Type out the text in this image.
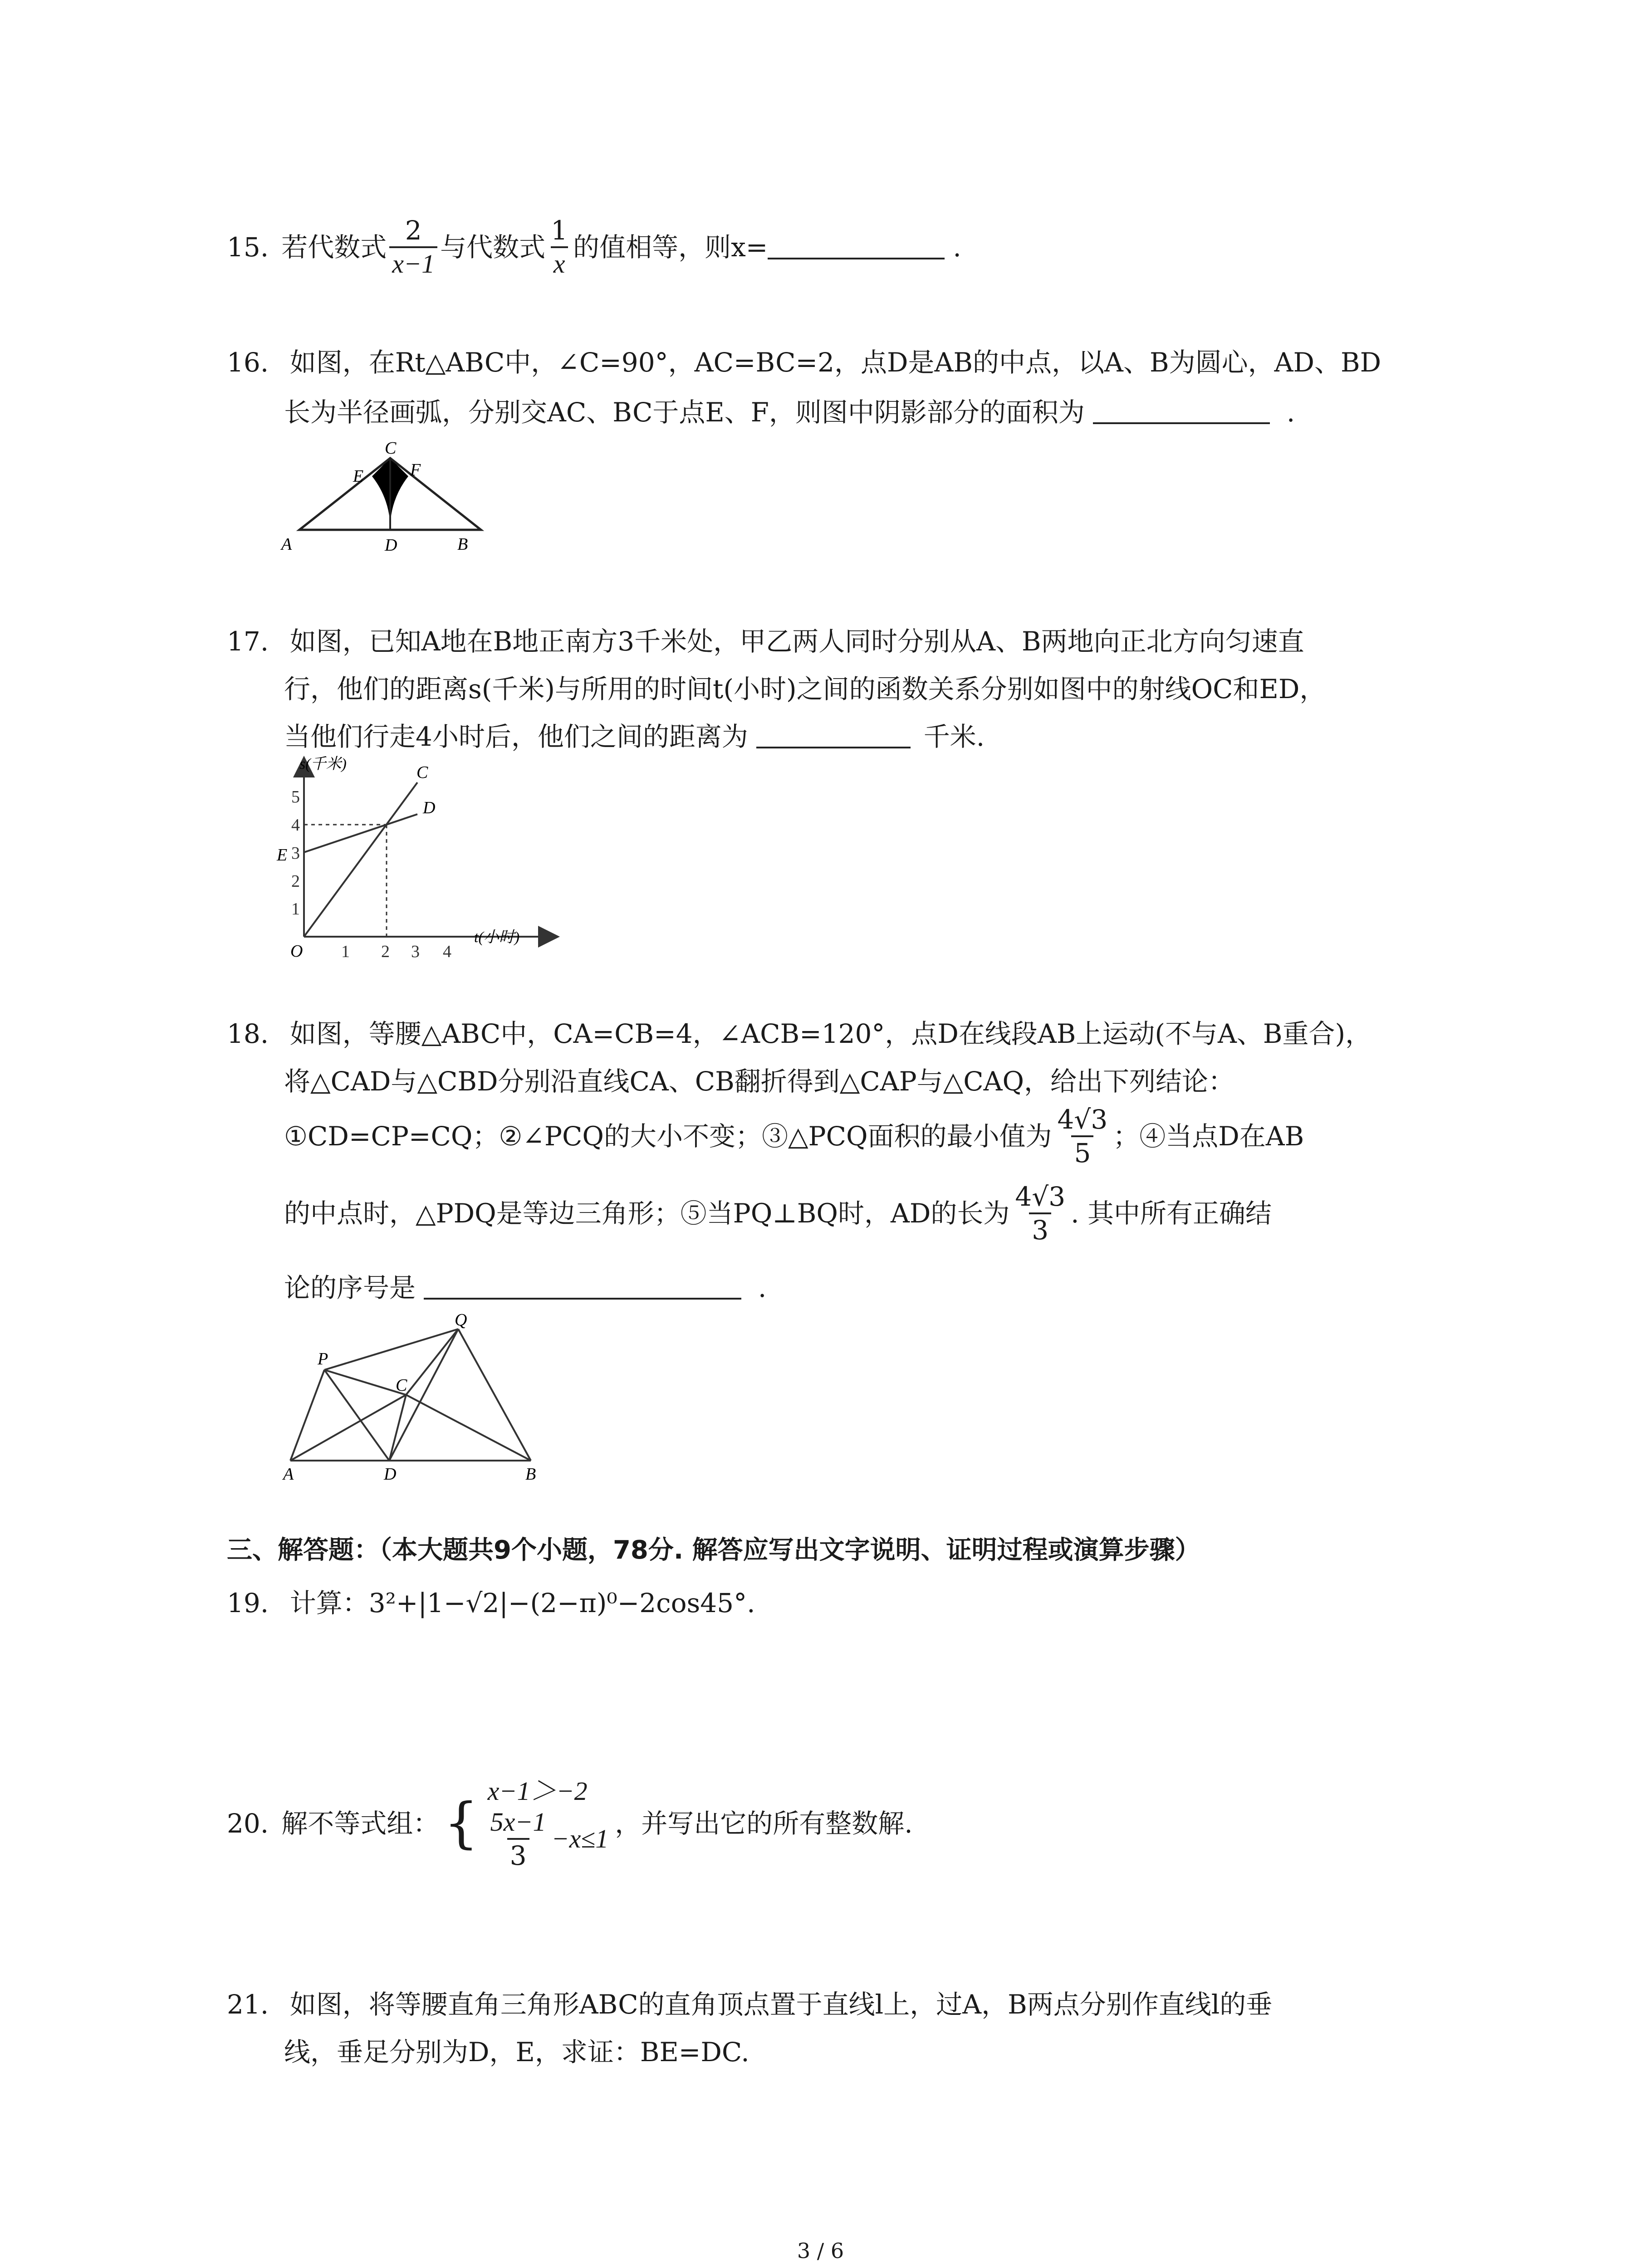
15. 若代数式 $\frac{2}{x-1}$ 与代数式 $\frac{1}{x}$ 的值相等，则x=	.
16. 如图，在Rt△ABC中，∠C=90°，AC=BC=2，点D是AB的中点，以A、B为圆心，AD、BD
长为半径画弧，分别交AC、BC于点E、F，则图中阴影部分的面积为	.
C
E	F
A	D	B
17. 如图，已知A地在B地正南方3千米处，甲乙两人同时分别从A、B两地向正北方向匀速直
行，他们的距离s(千米)与所用的时间t(小时)之间的函数关系分别如图中的射线OC和ED，
当他们行走4小时后，他们之间的距离为	千米.
1
2
3
4
5
1 2 3 4
O
E
C
D
s(千米)
t(小时)
18. 如图，等腰△ABC中，CA=CB=4，∠ACB=120°，点D在线段AB上运动(不与A、B重合)，
将△CAD与△CBD分别沿直线CA、CB翻折得到△CAP与△CAQ，给出下列结论：
①CD=CP=CQ；②∠PCQ的大小不变；③△PCQ面积的最小值为 $\frac{4√3}{5}$ ；④当点D在AB
的中点时，△PDQ是等边三角形；⑤当PQ⊥BQ时，AD的长为 $\frac{4√3}{3}$ . 其中所有正确结
论的序号是	.
P
Q
C
A	D	B
三、解答题：（本大题共9个小题，78分. 解答应写出文字说明、证明过程或演算步骤）
19. 计算：3²+|1−√2|−(2−π)⁰−2cos45°.
20. 解不等式组： {
x−1＞−2
$\frac{5x-1}{3} -x\le 1$ ，并写出它的所有整数解.
21. 如图，将等腰直角三角形ABC的直角顶点置于直线l上，过A，B两点分别作直线l的垂
线，垂足分别为D，E，求证：BE=DC.
3 / 6
